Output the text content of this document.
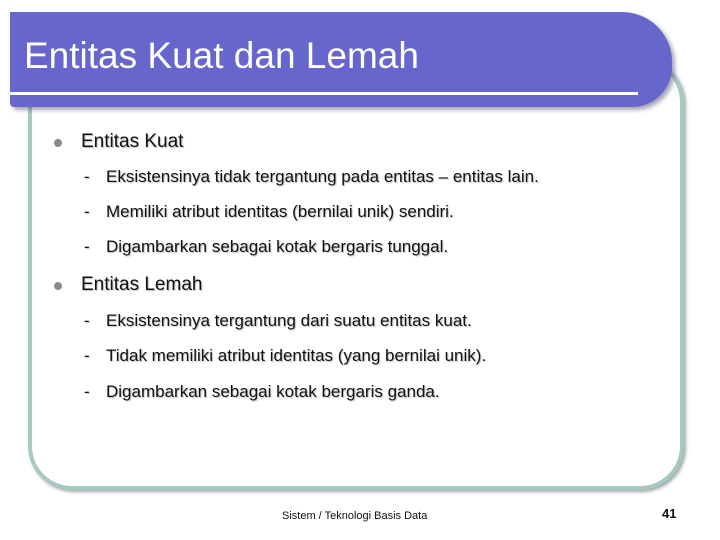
Entitas Kuat dan Lemah
Entitas Kuat
- Eksistensinya tidak tergantung pada entitas – entitas lain.
- Memiliki atribut identitas (bernilai unik) sendiri.
- Digambarkan sebagai kotak bergaris tunggal.
Entitas Lemah
- Eksistensinya tergantung dari suatu entitas kuat.
- Tidak memiliki atribut identitas (yang bernilai unik).
- Digambarkan sebagai kotak bergaris ganda.
Sistem / Teknologi Basis Data	41
